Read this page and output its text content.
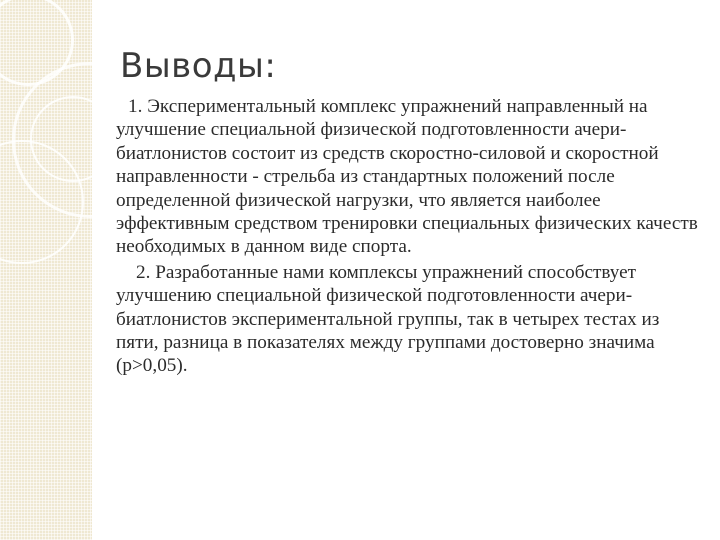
Выводы:

1. Экспериментальный комплекс упражнений направленный на улучшение специальной физической подготовленности ачери-биатлонистов состоит из средств скоростно-силовой и скоростной направленности - стрельба из стандартных положений после определенной физической нагрузки, что является наиболее эффективным средством тренировки специальных физических качеств необходимых в данном виде спорта.

2. Разработанные нами комплексы упражнений способствует улучшению специальной физической подготовленности ачери-биатлонистов экспериментальной группы, так в четырех тестах из пяти, разница в показателях между группами достоверно значима (р>0,05).
